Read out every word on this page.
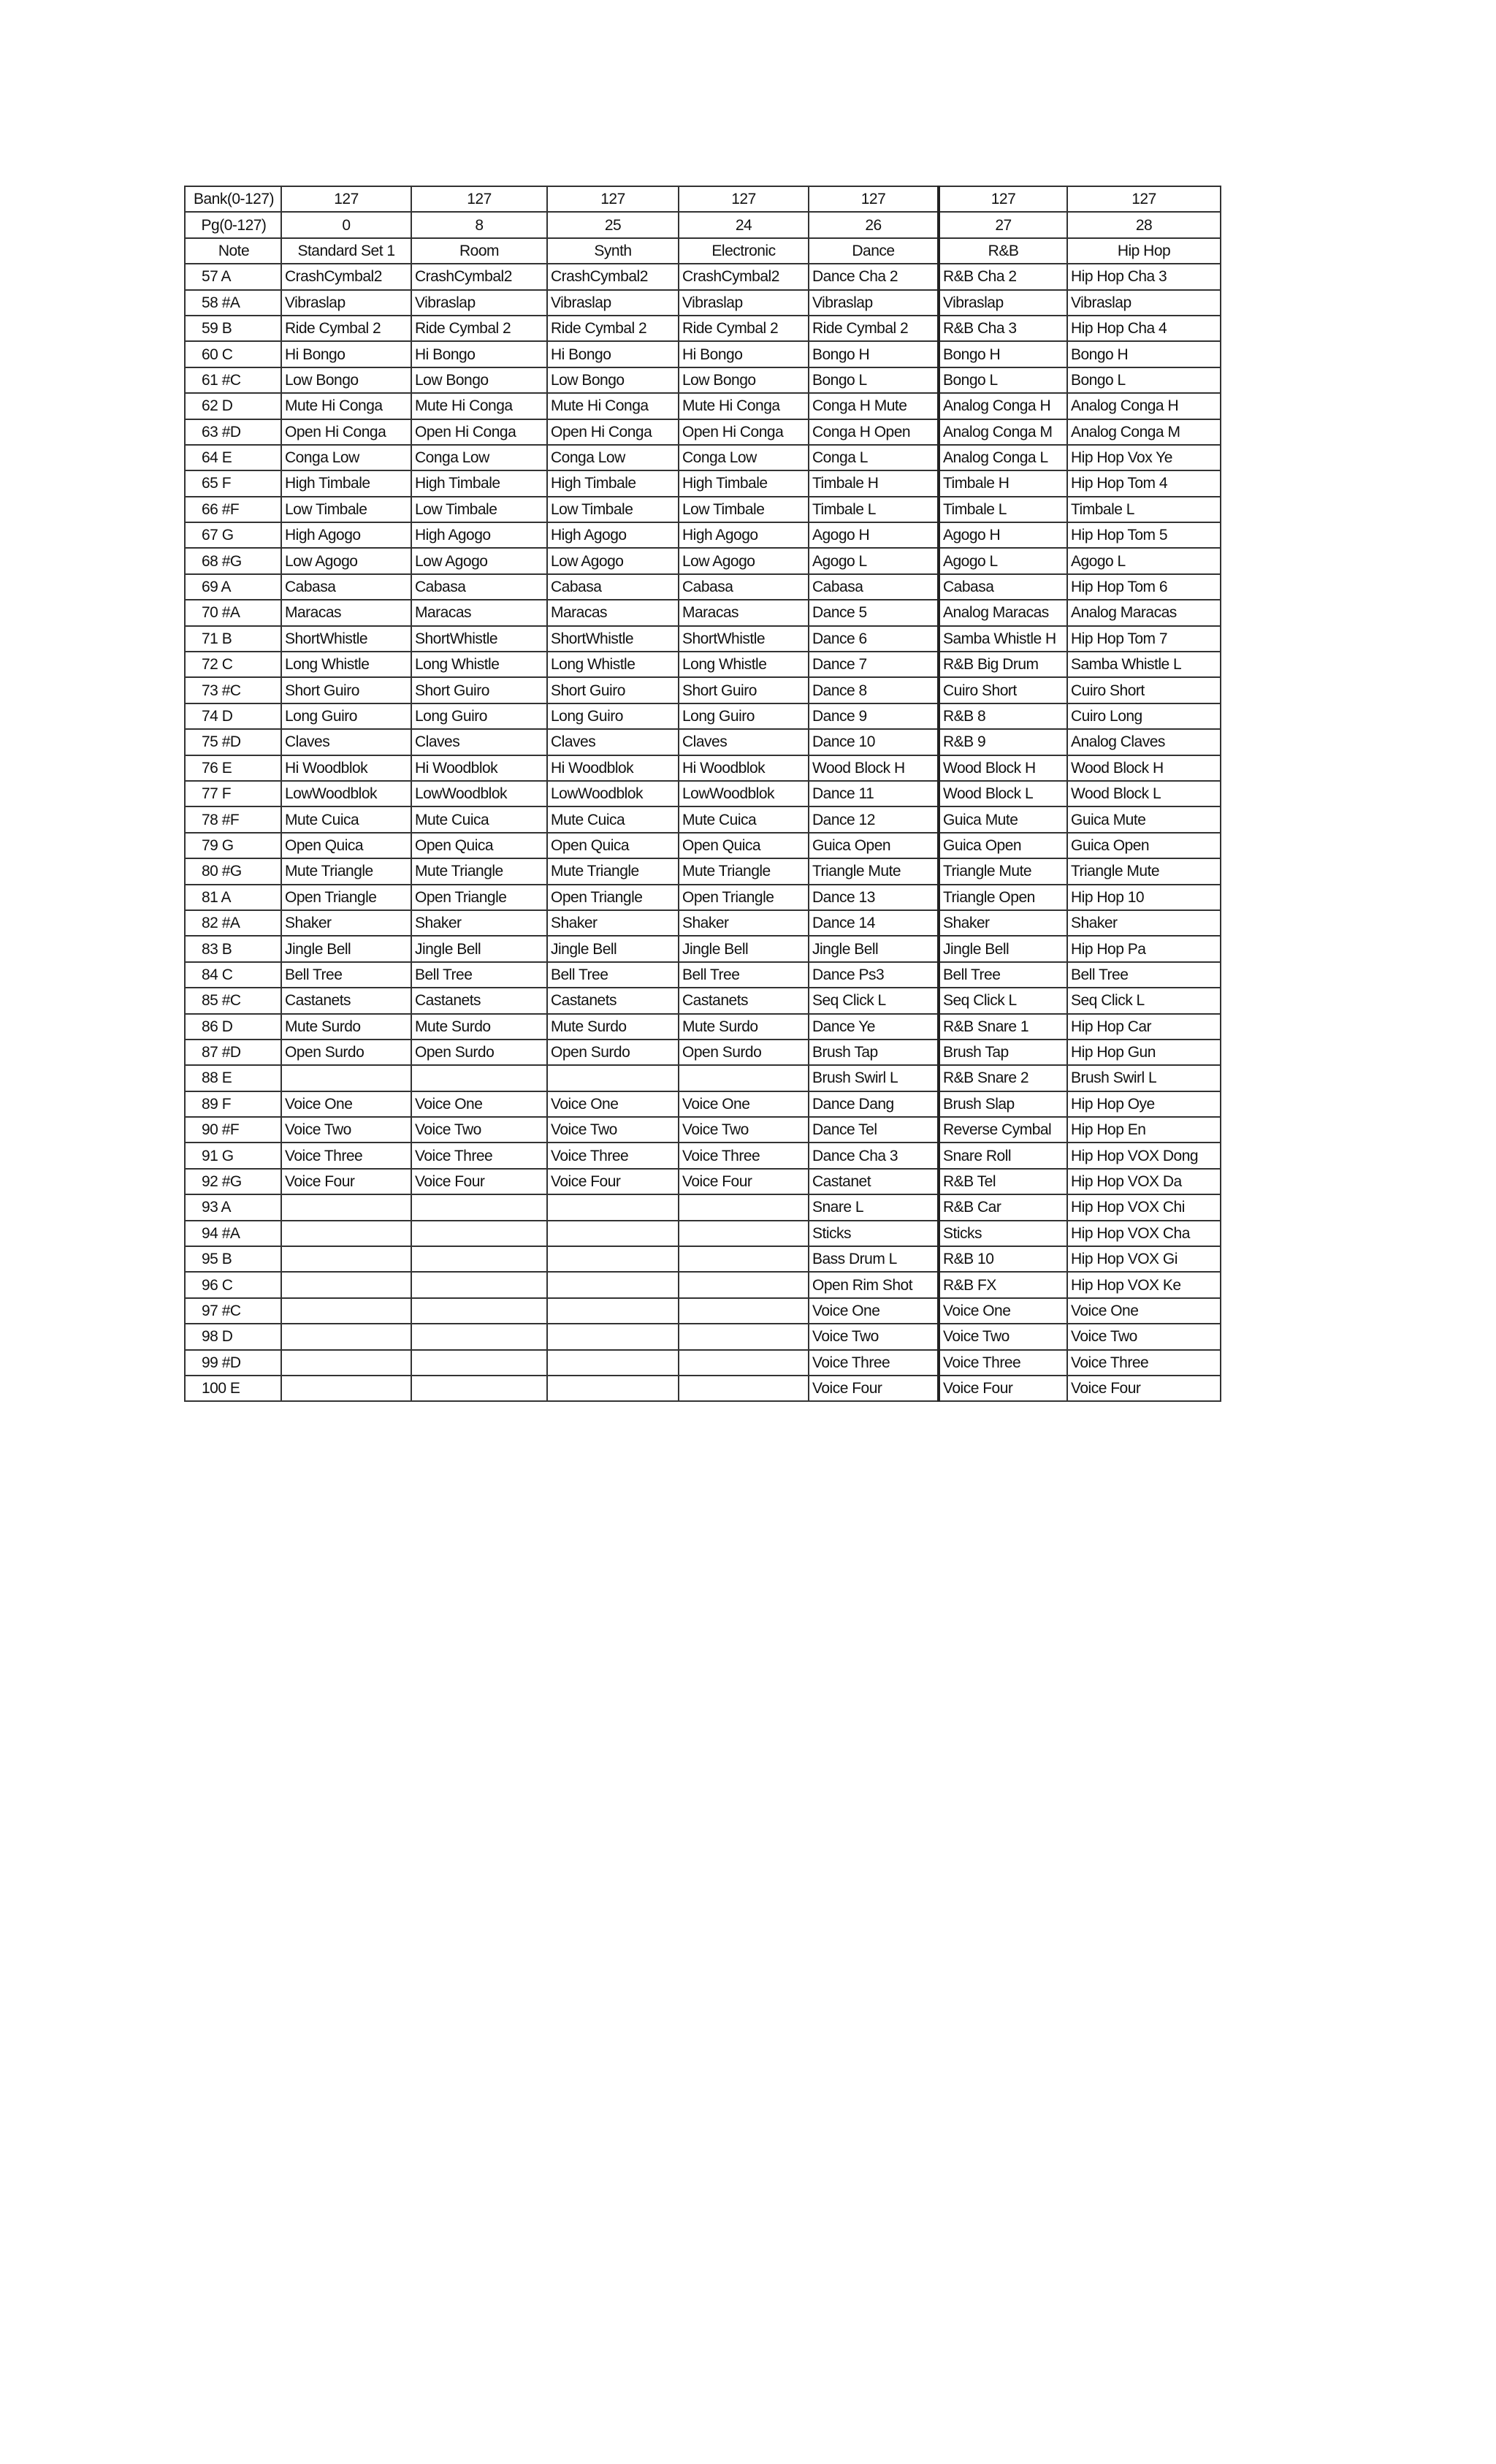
Bank(0-127)	127	127	127	127	127	127	127
Pg(0-127)	0	8	25	24	26	27	28
Note	Standard Set 1	Room	Synth	Electronic	Dance	R&B	Hip Hop
57 A	CrashCymbal2	CrashCymbal2	CrashCymbal2	CrashCymbal2	Dance Cha 2	R&B Cha 2	Hip Hop Cha 3
58 #A	Vibraslap	Vibraslap	Vibraslap	Vibraslap	Vibraslap	Vibraslap	Vibraslap
59 B	Ride Cymbal 2	Ride Cymbal 2	Ride Cymbal 2	Ride Cymbal 2	Ride Cymbal 2	R&B Cha 3	Hip Hop Cha 4
60 C	Hi Bongo	Hi Bongo	Hi Bongo	Hi Bongo	Bongo H	Bongo H	Bongo H
61 #C	Low Bongo	Low Bongo	Low Bongo	Low Bongo	Bongo L	Bongo L	Bongo L
62 D	Mute Hi Conga	Mute Hi Conga	Mute Hi Conga	Mute Hi Conga	Conga H Mute	Analog Conga H	Analog Conga H
63 #D	Open Hi Conga	Open Hi Conga	Open Hi Conga	Open Hi Conga	Conga H Open	Analog Conga M	Analog Conga M
64 E	Conga Low	Conga Low	Conga Low	Conga Low	Conga L	Analog Conga L	Hip Hop Vox Ye
65 F	High Timbale	High Timbale	High Timbale	High Timbale	Timbale H	Timbale H	Hip Hop Tom 4
66 #F	Low Timbale	Low Timbale	Low Timbale	Low Timbale	Timbale L	Timbale L	Timbale L
67 G	High Agogo	High Agogo	High Agogo	High Agogo	Agogo H	Agogo H	Hip Hop Tom 5
68 #G	Low Agogo	Low Agogo	Low Agogo	Low Agogo	Agogo L	Agogo L	Agogo L
69 A	Cabasa	Cabasa	Cabasa	Cabasa	Cabasa	Cabasa	Hip Hop Tom 6
70 #A	Maracas	Maracas	Maracas	Maracas	Dance 5	Analog Maracas	Analog Maracas
71 B	ShortWhistle	ShortWhistle	ShortWhistle	ShortWhistle	Dance 6	Samba Whistle H	Hip Hop Tom 7
72 C	Long Whistle	Long Whistle	Long Whistle	Long Whistle	Dance 7	R&B Big Drum	Samba Whistle L
73 #C	Short Guiro	Short Guiro	Short Guiro	Short Guiro	Dance 8	Cuiro Short	Cuiro Short
74 D	Long Guiro	Long Guiro	Long Guiro	Long Guiro	Dance 9	R&B 8	Cuiro Long
75 #D	Claves	Claves	Claves	Claves	Dance 10	R&B 9	Analog Claves
76 E	Hi Woodblok	Hi Woodblok	Hi Woodblok	Hi Woodblok	Wood Block H	Wood Block H	Wood Block H
77 F	LowWoodblok	LowWoodblok	LowWoodblok	LowWoodblok	Dance 11	Wood Block L	Wood Block L
78 #F	Mute Cuica	Mute Cuica	Mute Cuica	Mute Cuica	Dance 12	Guica Mute	Guica Mute
79 G	Open Quica	Open Quica	Open Quica	Open Quica	Guica Open	Guica Open	Guica Open
80 #G	Mute Triangle	Mute Triangle	Mute Triangle	Mute Triangle	Triangle Mute	Triangle Mute	Triangle Mute
81 A	Open Triangle	Open Triangle	Open Triangle	Open Triangle	Dance 13	Triangle Open	Hip Hop 10
82 #A	Shaker	Shaker	Shaker	Shaker	Dance 14	Shaker	Shaker
83 B	Jingle Bell	Jingle Bell	Jingle Bell	Jingle Bell	Jingle Bell	Jingle Bell	Hip Hop Pa
84 C	Bell Tree	Bell Tree	Bell Tree	Bell Tree	Dance Ps3	Bell Tree	Bell Tree
85 #C	Castanets	Castanets	Castanets	Castanets	Seq Click L	Seq Click L	Seq Click L
86 D	Mute Surdo	Mute Surdo	Mute Surdo	Mute Surdo	Dance Ye	R&B Snare 1	Hip Hop Car
87 #D	Open Surdo	Open Surdo	Open Surdo	Open Surdo	Brush Tap	Brush Tap	Hip Hop Gun
88 E					Brush Swirl L	R&B Snare 2	Brush Swirl L
89 F	Voice One	Voice One	Voice One	Voice One	Dance Dang	Brush Slap	Hip Hop Oye
90 #F	Voice Two	Voice Two	Voice Two	Voice Two	Dance Tel	Reverse Cymbal	Hip Hop En
91 G	Voice Three	Voice Three	Voice Three	Voice Three	Dance Cha 3	Snare Roll	Hip Hop VOX Dong
92 #G	Voice Four	Voice Four	Voice Four	Voice Four	Castanet	R&B Tel	Hip Hop VOX Da
93 A					Snare L	R&B Car	Hip Hop VOX Chi
94 #A					Sticks	Sticks	Hip Hop VOX Cha
95 B					Bass Drum L	R&B 10	Hip Hop VOX Gi
96 C					Open Rim Shot	R&B FX	Hip Hop VOX Ke
97 #C					Voice One	Voice One	Voice One
98 D					Voice Two	Voice Two	Voice Two
99 #D					Voice Three	Voice Three	Voice Three
100 E					Voice Four	Voice Four	Voice Four
